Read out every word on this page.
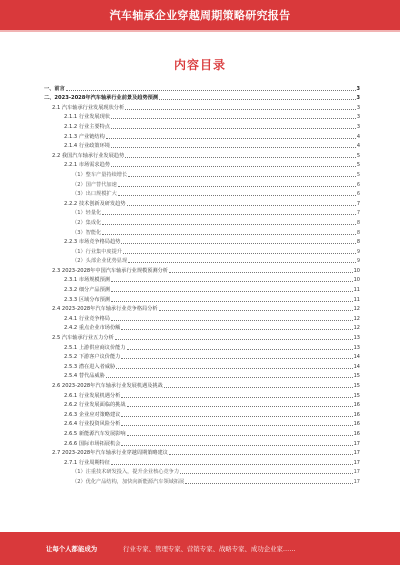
汽车轴承企业穿越周期策略研究报告
内容目录
一、前言	3
二、2023-2028年汽车轴承行业前景及趋势预测	3
2.1 汽车轴承行业发展现状分析	3
2.1.1 行业发展现状	3
2.1.2 行业主要特点	3
2.1.3 产业链结构	4
2.1.4 行业政策环境	4
2.2 我国汽车轴承行业发展趋势	5
2.2.1 市场需求趋势	5
（1）整车产量持续增长	5
（2）国产替代加速	6
（3）出口规模扩大	6
2.2.2 技术创新及研发趋势	7
（1）轻量化	7
（2）集成化	8
（3）智能化	8
2.2.3 市场竞争格局趋势	8
（1）行业集中度提升	9
（2）头部企业优势显现	9
2.3 2023-2028年中国汽车轴承行业规模预测分析	10
2.3.1 市场规模预测	10
2.3.2 细分产品预测	11
2.3.3 区域分布预测	11
2.4 2023-2028年汽车轴承行业竞争格局分析	12
2.4.1 行业竞争格局	12
2.4.2 重点企业市场份额	12
2.5 汽车轴承行业五力分析	13
2.5.1 上游供应商议价能力	13
2.5.2 下游客户议价能力	14
2.5.3 潜在进入者威胁	14
2.5.4 替代品威胁	15
2.6 2023-2028年汽车轴承行业发展机遇及挑战	15
2.6.1 行业发展机遇分析	15
2.6.2 行业发展面临的挑战	16
2.6.3 企业应对策略建议	16
2.6.4 行业投资风险分析	16
2.6.5 新能源汽车发展影响	16
2.6.6 国际市场拓展机会	17
2.7 2023-2028年汽车轴承行业穿越周期策略建议	17
2.7.1 行业周期特征	17
（1）注重技术研发投入，提升企业核心竞争力	17
（2）优化产品结构，加快向新能源汽车领域拓展	17
让每个人都能成为	行业专家、管理专家、营销专家、战略专家、成功企业家……
